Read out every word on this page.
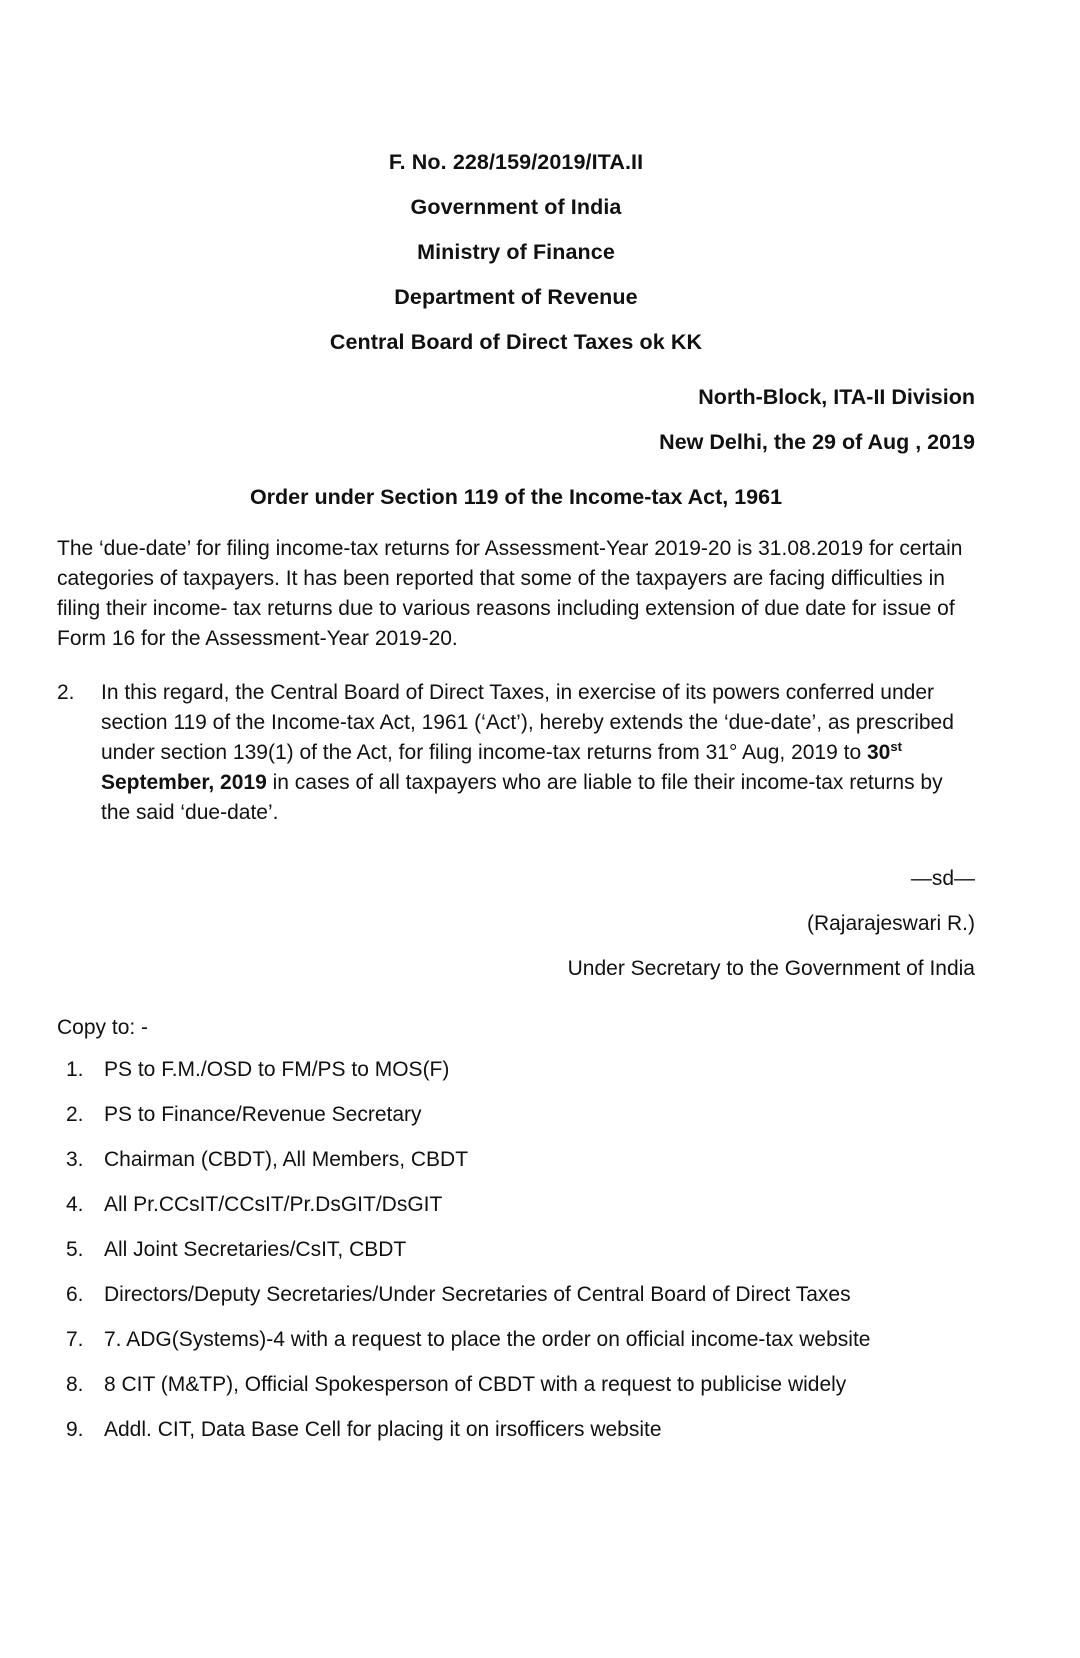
F. No. 228/159/2019/ITA.II
Government of India
Ministry of Finance
Department of Revenue
Central Board of Direct Taxes ok KK
North-Block, ITA-II Division
New Delhi, the 29 of Aug , 2019
Order under Section 119 of the Income-tax Act, 1961
The ‘due-date’ for filing income-tax returns for Assessment-Year 2019-20 is 31.08.2019 for certain categories of taxpayers. It has been reported that some of the taxpayers are facing difficulties in filing their income- tax returns due to various reasons including extension of due date for issue of Form 16 for the Assessment-Year 2019-20.
2.	In this regard, the Central Board of Direct Taxes, in exercise of its powers conferred under section 119 of the Income-tax Act, 1961 (‘Act’), hereby extends the ‘due-date’, as prescribed under section 139(1) of the Act, for filing income-tax returns from 31° Aug, 2019 to 30st September, 2019 in cases of all taxpayers who are liable to file their income-tax returns by the said ‘due-date’.
—sd—
(Rajarajeswari R.)
Under Secretary to the Government of India
Copy to: -
1. PS to F.M./OSD to FM/PS to MOS(F)
2. PS to Finance/Revenue Secretary
3. Chairman (CBDT), All Members, CBDT
4. All Pr.CCsIT/CCsIT/Pr.DsGIT/DsGIT
5. All Joint Secretaries/CsIT, CBDT
6. Directors/Deputy Secretaries/Under Secretaries of Central Board of Direct Taxes
7. 7. ADG(Systems)-4 with a request to place the order on official income-tax website
8. 8 CIT (M&TP), Official Spokesperson of CBDT with a request to publicise widely
9. Addl. CIT, Data Base Cell for placing it on irsofficers website
